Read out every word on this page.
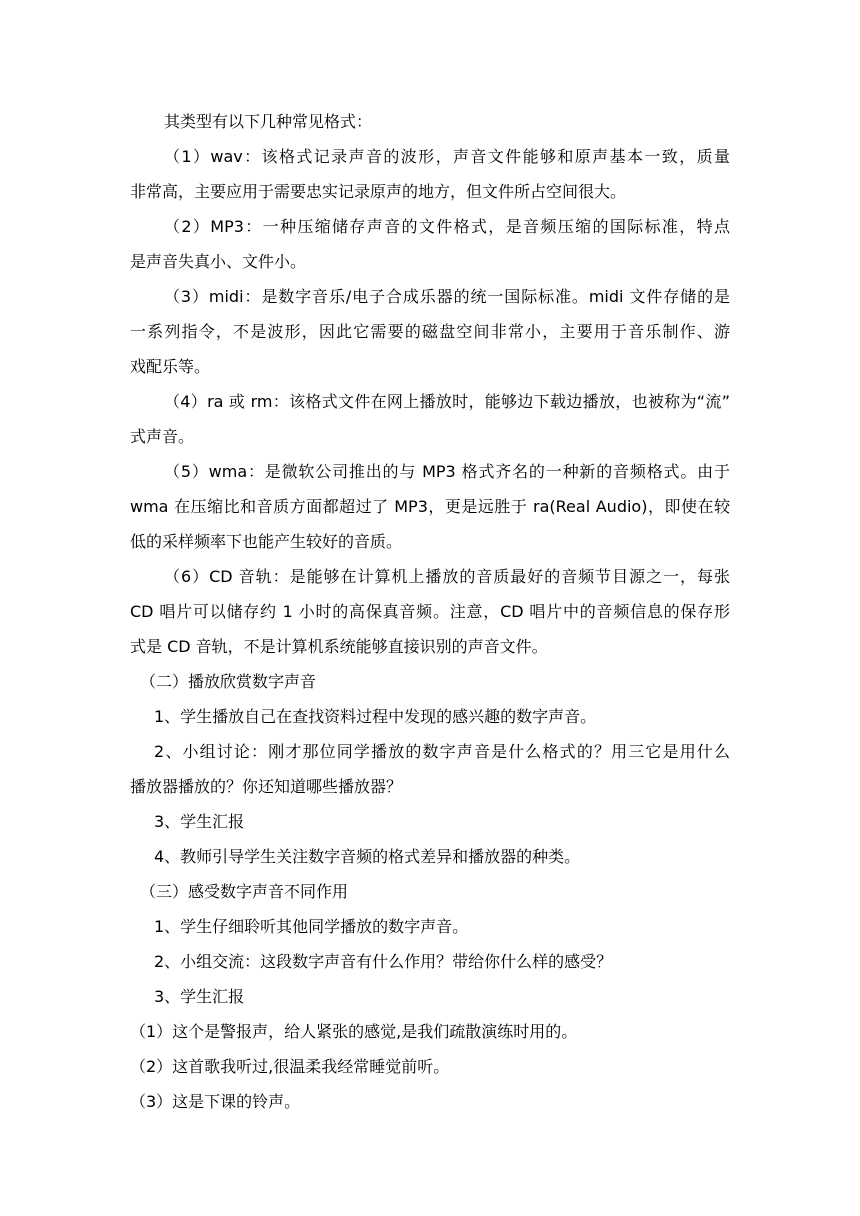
其类型有以下几种常见格式：
（1）wav：该格式记录声音的波形，声音文件能够和原声基本一致，质量
非常高，主要应用于需要忠实记录原声的地方，但文件所占空间很大。
（2）MP3：一种压缩储存声音的文件格式，是音频压缩的国际标准，特点
是声音失真小、文件小。
（3）midi：是数字音乐/电子合成乐器的统一国际标准。midi 文件存储的是
一系列指令，不是波形，因此它需要的磁盘空间非常小，主要用于音乐制作、游
戏配乐等。
（4）ra 或 rm：该格式文件在网上播放时，能够边下载边播放，也被称为“流”
式声音。
（5）wma：是微软公司推出的与 MP3 格式齐名的一种新的音频格式。由于
wma 在压缩比和音质方面都超过了 MP3，更是远胜于 ra(Real Audio)，即使在较
低的采样频率下也能产生较好的音质。
（6）CD 音轨：是能够在计算机上播放的音质最好的音频节目源之一，每张
CD 唱片可以储存约 1 小时的高保真音频。注意，CD 唱片中的音频信息的保存形
式是 CD 音轨，不是计算机系统能够直接识别的声音文件。
（二）播放欣赏数字声音
1、学生播放自己在查找资料过程中发现的感兴趣的数字声音。
2、小组讨论：刚才那位同学播放的数字声音是什么格式的？用三它是用什么
播放器播放的？你还知道哪些播放器？
3、学生汇报
4、教师引导学生关注数字音频的格式差异和播放器的种类。
（三）感受数字声音不同作用
1、学生仔细聆听其他同学播放的数字声音。
2、小组交流：这段数字声音有什么作用？带给你什么样的感受？
3、学生汇报
（1）这个是警报声，给人紧张的感觉,是我们疏散演练时用的。
（2）这首歌我听过,很温柔我经常睡觉前听。
（3）这是下课的铃声。
